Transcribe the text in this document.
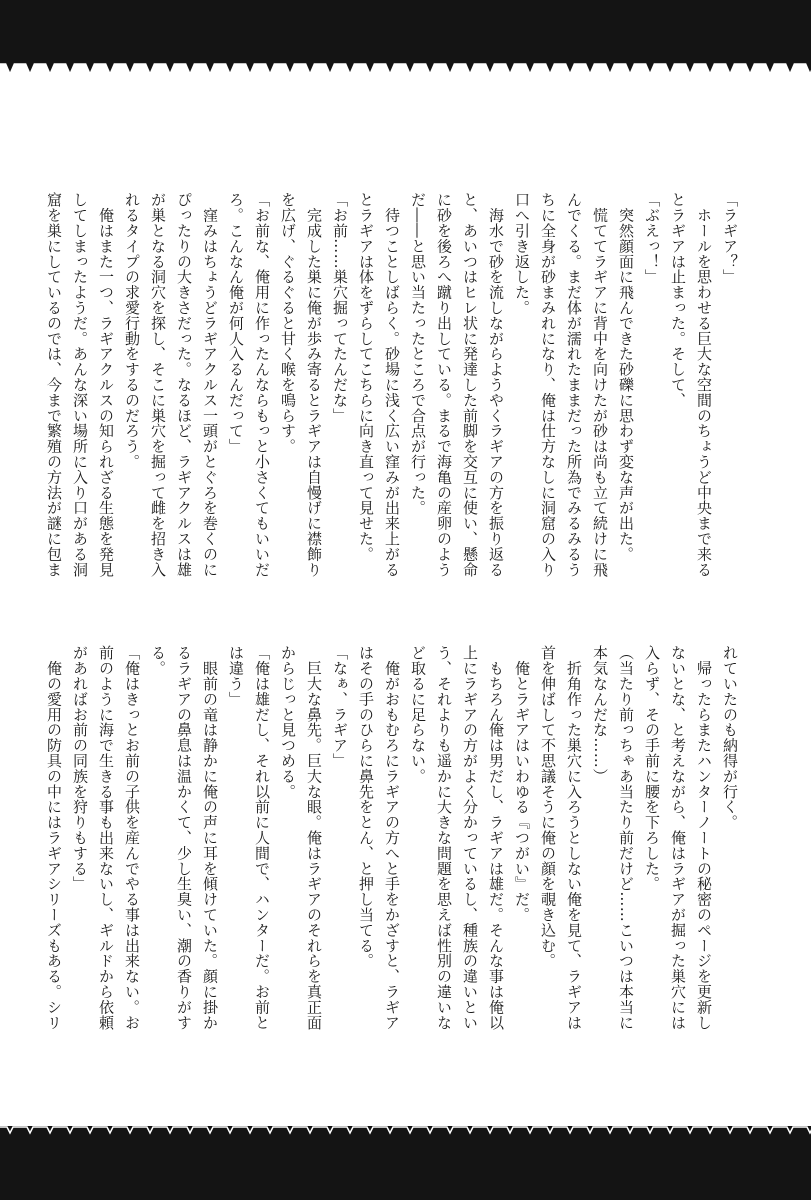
「ラギア？」
　ホールを思わせる巨大な空間のちょうど中央まで来る
とラギアは止まった。そして、
「ぶえっ！」
　突然顔面に飛んできた砂礫に思わず変な声が出た。
　慌ててラギアに背中を向けたが砂は尚も立て続けに飛
んでくる。まだ体が濡れたままだった所為でみるみるう
ちに全身が砂まみれになり、俺は仕方なしに洞窟の入り
口へ引き返した。
　海水で砂を流しながらようやくラギアの方を振り返る
と、あいつはヒレ状に発達した前脚を交互に使い、懸命
に砂を後ろへ蹴り出している。まるで海亀の産卵のよう
だ――と思い当たったところで合点が行った。
　待つことしばらく。砂場に浅く広い窪みが出来上がる
とラギアは体をずらしてこちらに向き直って見せた。
「お前……巣穴掘ってたんだな」
　完成した巣に俺が歩み寄るとラギアは自慢げに襟飾り
を広げ、ぐるぐると甘く喉を鳴らす。
「お前な、俺用に作ったんならもっと小さくてもいいだ
ろ。こんなん俺が何人入るんだって」
　窪みはちょうどラギアクルス一頭がとぐろを巻くのに
ぴったりの大きさだった。なるほど、ラギアクルスは雄
が巣となる洞穴を探し、そこに巣穴を掘って雌を招き入
れるタイプの求愛行動をするのだろう。
　俺はまた一つ、ラギアクルスの知られざる生態を発見
してしまったようだ。あんな深い場所に入り口がある洞
窟を巣にしているのでは、今まで繁殖の方法が謎に包ま
れていたのも納得が行く。
　帰ったらまたハンターノートの秘密のページを更新し
ないとな、と考えながら、俺はラギアが掘った巣穴には
入らず、その手前に腰を下ろした。
（当たり前っちゃあ当たり前だけど……こいつは本当に
本気なんだな……）
　折角作った巣穴に入ろうとしない俺を見て、ラギアは
首を伸ばして不思議そうに俺の顔を覗き込む。
　俺とラギアはいわゆる『つがい』だ。
　もちろん俺は男だし、ラギアは雄だ。そんな事は俺以
上にラギアの方がよく分かっているし、種族の違いとい
う、それよりも遥かに大きな問題を思えば性別の違いな
ど取るに足らない。
　俺がおもむろにラギアの方へと手をかざすと、ラギア
はその手のひらに鼻先をとん、と押し当てる。
「なぁ、ラギア」
　巨大な鼻先。巨大な眼。俺はラギアのそれらを真正面
からじっと見つめる。
「俺は雄だし、それ以前に人間で、ハンターだ。お前と
は違う」
　眼前の竜は静かに俺の声に耳を傾けていた。顔に掛か
るラギアの鼻息は温かくて、少し生臭い、潮の香りがす
る。
「俺はきっとお前の子供を産んでやる事は出来ない。お
前のように海で生きる事も出来ないし、ギルドから依頼
があればお前の同族を狩りもする」
　俺の愛用の防具の中にはラギアシリーズもある。シリ
